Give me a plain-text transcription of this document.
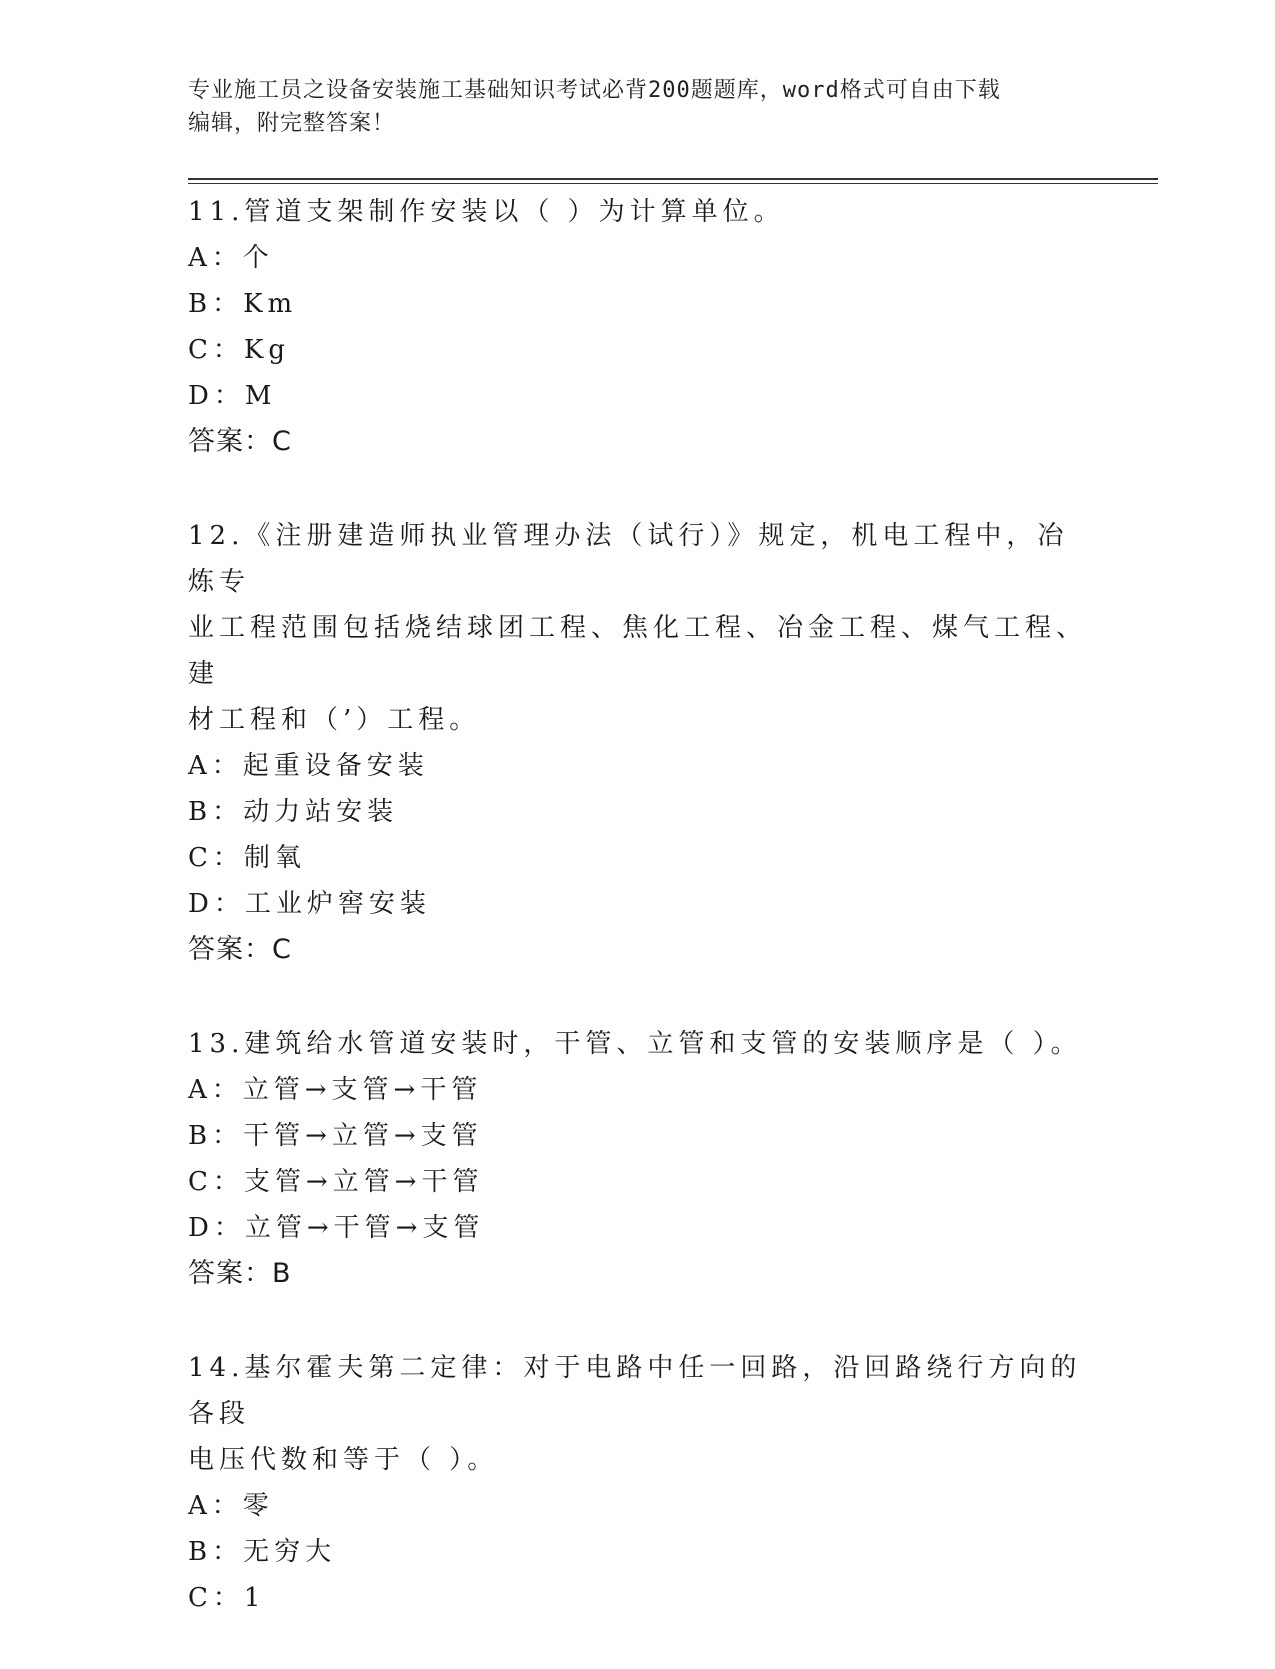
专业施工员之设备安装施工基础知识考试必背200题题库，word格式可自由下载
编辑，附完整答案！

11.管道支架制作安装以（ ）为计算单位。

A：个

B：Km

C：Kg

D：M

答案：C

12.《注册建造师执业管理办法（试行）》规定，机电工程中，冶炼专

业工程范围包括烧结球团工程、焦化工程、冶金工程、煤气工程、建

材工程和（’）工程。

A：起重设备安装

B：动力站安装

C：制氧

D：工业炉窖安装

答案：C

13.建筑给水管道安装时，干管、立管和支管的安装顺序是（ ）。

A：立管→支管→干管

B：干管→立管→支管

C：支管→立管→干管

D：立管→干管→支管

答案：B

14.基尔霍夫第二定律：对于电路中任一回路，沿回路绕行方向的各段

电压代数和等于（ ）。

A：零

B：无穷大

C：1
